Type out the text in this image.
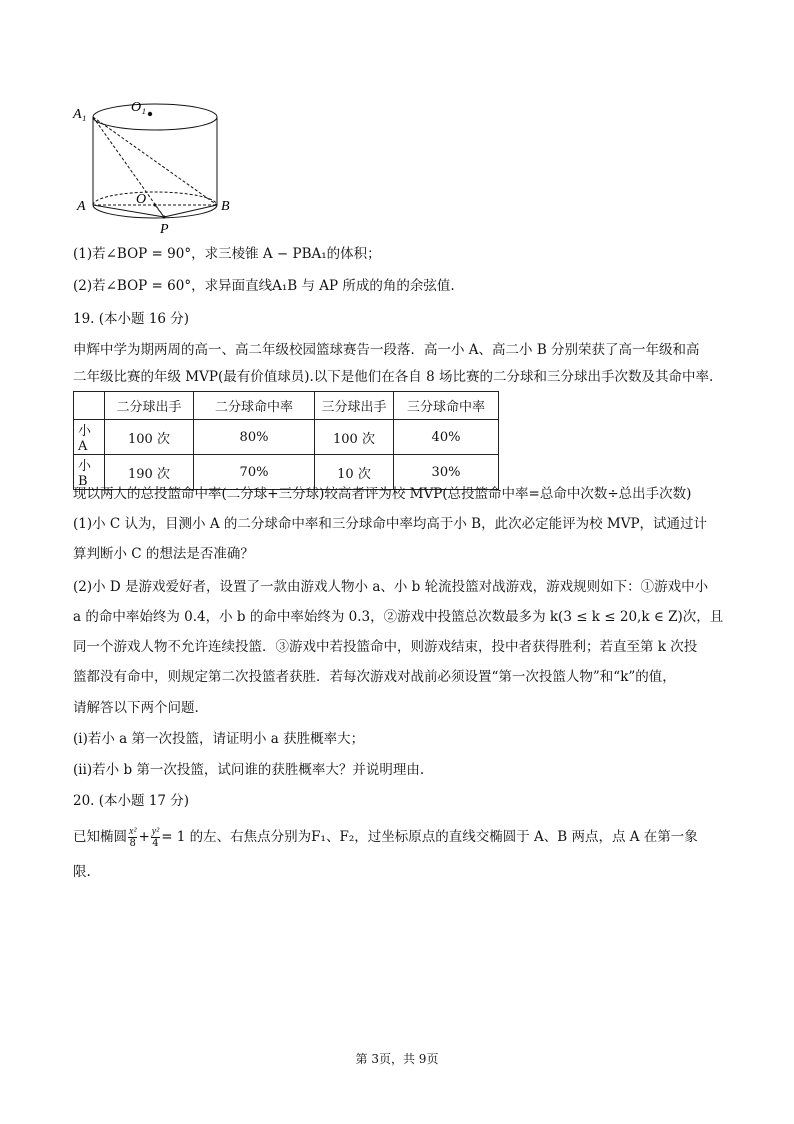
A₁	O₁
A	O	B
P
(1)若∠BOP = 90°，求三棱锥 A − PBA₁的体积；
(2)若∠BOP = 60°，求异面直线A₁B 与 AP 所成的角的余弦值.
19. (本小题 16 分)
申辉中学为期两周的高一、高二年级校园篮球赛告一段落．高一小 A、高二小 B 分别荣获了高一年级和高
二年级比赛的年级 MVP(最有价值球员).以下是他们在各自 8 场比赛的二分球和三分球出手次数及其命中率.
	二分球出手	二分球命中率	三分球出手	三分球命中率
小 A	100 次	80%	100 次	40%
小 B	190 次	70%	10 次	30%
现以两人的总投篮命中率(二分球+三分球)较高者评为校 MVP(总投篮命中率=总命中次数÷总出手次数)
(1)小 C 认为，目测小 A 的二分球命中率和三分球命中率均高于小 B，此次必定能评为校 MVP，试通过计
算判断小 C 的想法是否准确？
(2)小 D 是游戏爱好者，设置了一款由游戏人物小 a、小 b 轮流投篮对战游戏，游戏规则如下：①游戏中小
a 的命中率始终为 0.4，小 b 的命中率始终为 0.3，②游戏中投篮总次数最多为 k(3 ≤ k ≤ 20,k ∈ Z)次，且
同一个游戏人物不允许连续投篮．③游戏中若投篮命中，则游戏结束，投中者获得胜利；若直至第 k 次投
篮都没有命中，则规定第二次投篮者获胜．若每次游戏对战前必须设置“第一次投篮人物”和“k”的值，
请解答以下两个问题.
(ⅰ)若小 a 第一次投篮，请证明小 a 获胜概率大；
(ⅱ)若小 b 第一次投篮，试问谁的获胜概率大？并说明理由.
20. (本小题 17 分)
已知椭圆 $\frac{\text{x²}}{8} + \frac{\text{y²}}{4} = 1$ 的左、右焦点分别为F₁、F₂，过坐标原点的直线交椭圆于 A、B 两点，点 A 在第一象
限.
第 3页，共 9页
